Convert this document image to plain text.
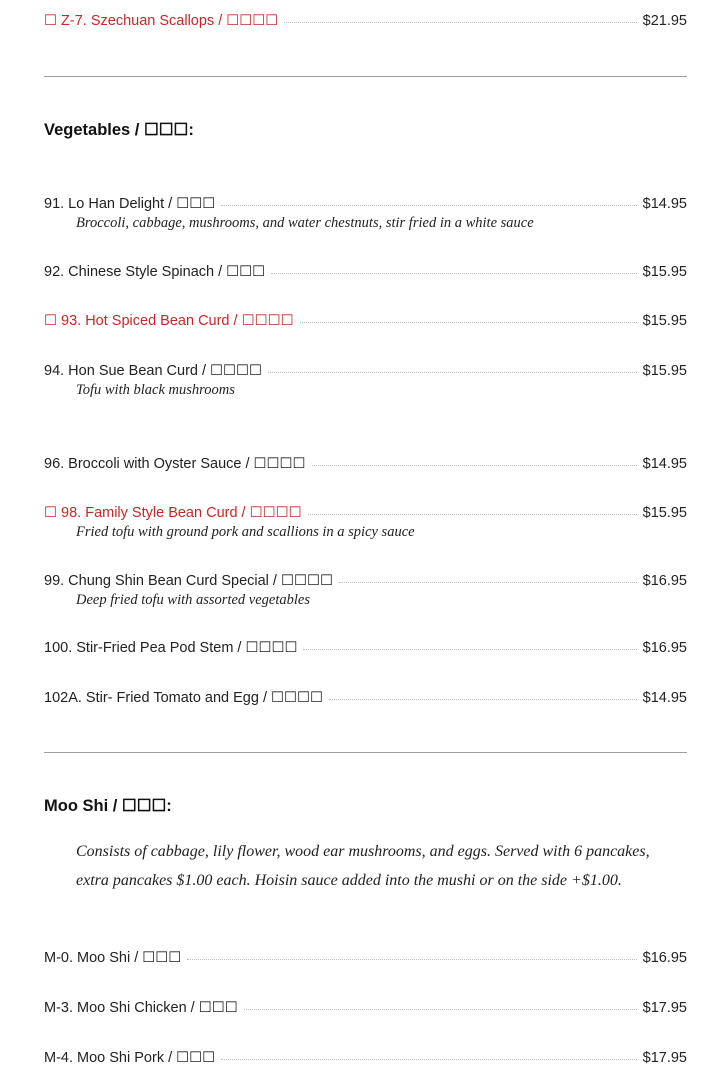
☐ Z-7. Szechuan Scallops / ☐☐☐☐	$21.95
Vegetables / ☐☐☐:
91. Lo Han Delight / ☐☐☐	$14.95
Broccoli, cabbage, mushrooms, and water chestnuts, stir fried in a white sauce
92. Chinese Style Spinach / ☐☐☐	$15.95
☐ 93. Hot Spiced Bean Curd / ☐☐☐☐	$15.95
94. Hon Sue Bean Curd / ☐☐☐☐	$15.95
Tofu with black mushrooms
96. Broccoli with Oyster Sauce / ☐☐☐☐	$14.95
☐ 98. Family Style Bean Curd / ☐☐☐☐	$15.95
Fried tofu with ground pork and scallions in a spicy sauce
99. Chung Shin Bean Curd Special / ☐☐☐☐	$16.95
Deep fried tofu with assorted vegetables
100. Stir-Fried Pea Pod Stem / ☐☐☐☐	$16.95
102A. Stir- Fried Tomato and Egg / ☐☐☐☐	$14.95
Moo Shi / ☐☐☐:
Consists of cabbage, lily flower, wood ear mushrooms, and eggs. Served with 6 pancakes, extra pancakes $1.00 each. Hoisin sauce added into the mushi or on the side +$1.00.
M-0. Moo Shi / ☐☐☐	$16.95
M-3. Moo Shi Chicken / ☐☐☐	$17.95
M-4. Moo Shi Pork / ☐☐☐	$17.95
